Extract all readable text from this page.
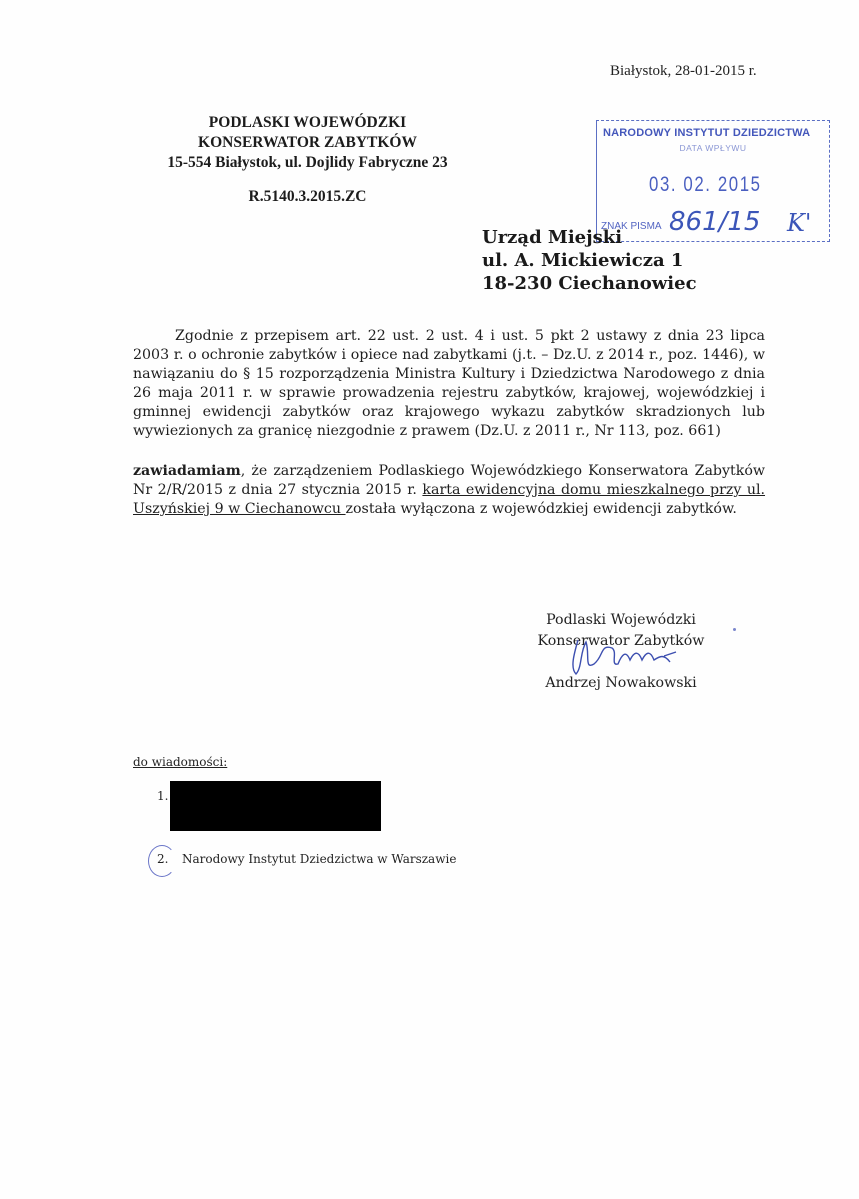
Białystok, 28-01-2015 r.
PODLASKI WOJEWÓDZKI
KONSERWATOR ZABYTKÓW
15-554 Białystok, ul. Dojlidy Fabryczne 23
R.5140.3.2015.ZC
NARODOWY INSTYTUT DZIEDZICTWA
DATA WPŁYWU
03. 02. 2015
ZNAK PISMA 861/15 K'
Urząd Miejski
ul. A. Mickiewicza 1
18-230 Ciechanowiec
Zgodnie z przepisem art. 22 ust. 2 ust. 4 i ust. 5 pkt 2 ustawy z dnia 23 lipca 2003 r. o ochronie zabytków i opiece nad zabytkami (j.t. – Dz.U. z 2014 r., poz. 1446), w nawiązaniu do § 15 rozporządzenia Ministra Kultury i Dziedzictwa Narodowego z dnia 26 maja 2011 r. w sprawie prowadzenia rejestru zabytków, krajowej, wojewódzkiej i gminnej ewidencji zabytków oraz krajowego wykazu zabytków skradzionych lub wywiezionych za granicę niezgodnie z prawem (Dz.U. z 2011 r., Nr 113, poz. 661)
zawiadamiam, że zarządzeniem Podlaskiego Wojewódzkiego Konserwatora Zabytków Nr 2/R/2015 z dnia 27 stycznia 2015 r. karta ewidencyjna domu mieszkalnego przy ul. Uszyńskiej 9 w Ciechanowcu została wyłączona z wojewódzkiej ewidencji zabytków.
Podlaski Wojewódzki
Konserwator Zabytków
Andrzej Nowakowski
do wiadomości:
1.
2. Narodowy Instytut Dziedzictwa w Warszawie
